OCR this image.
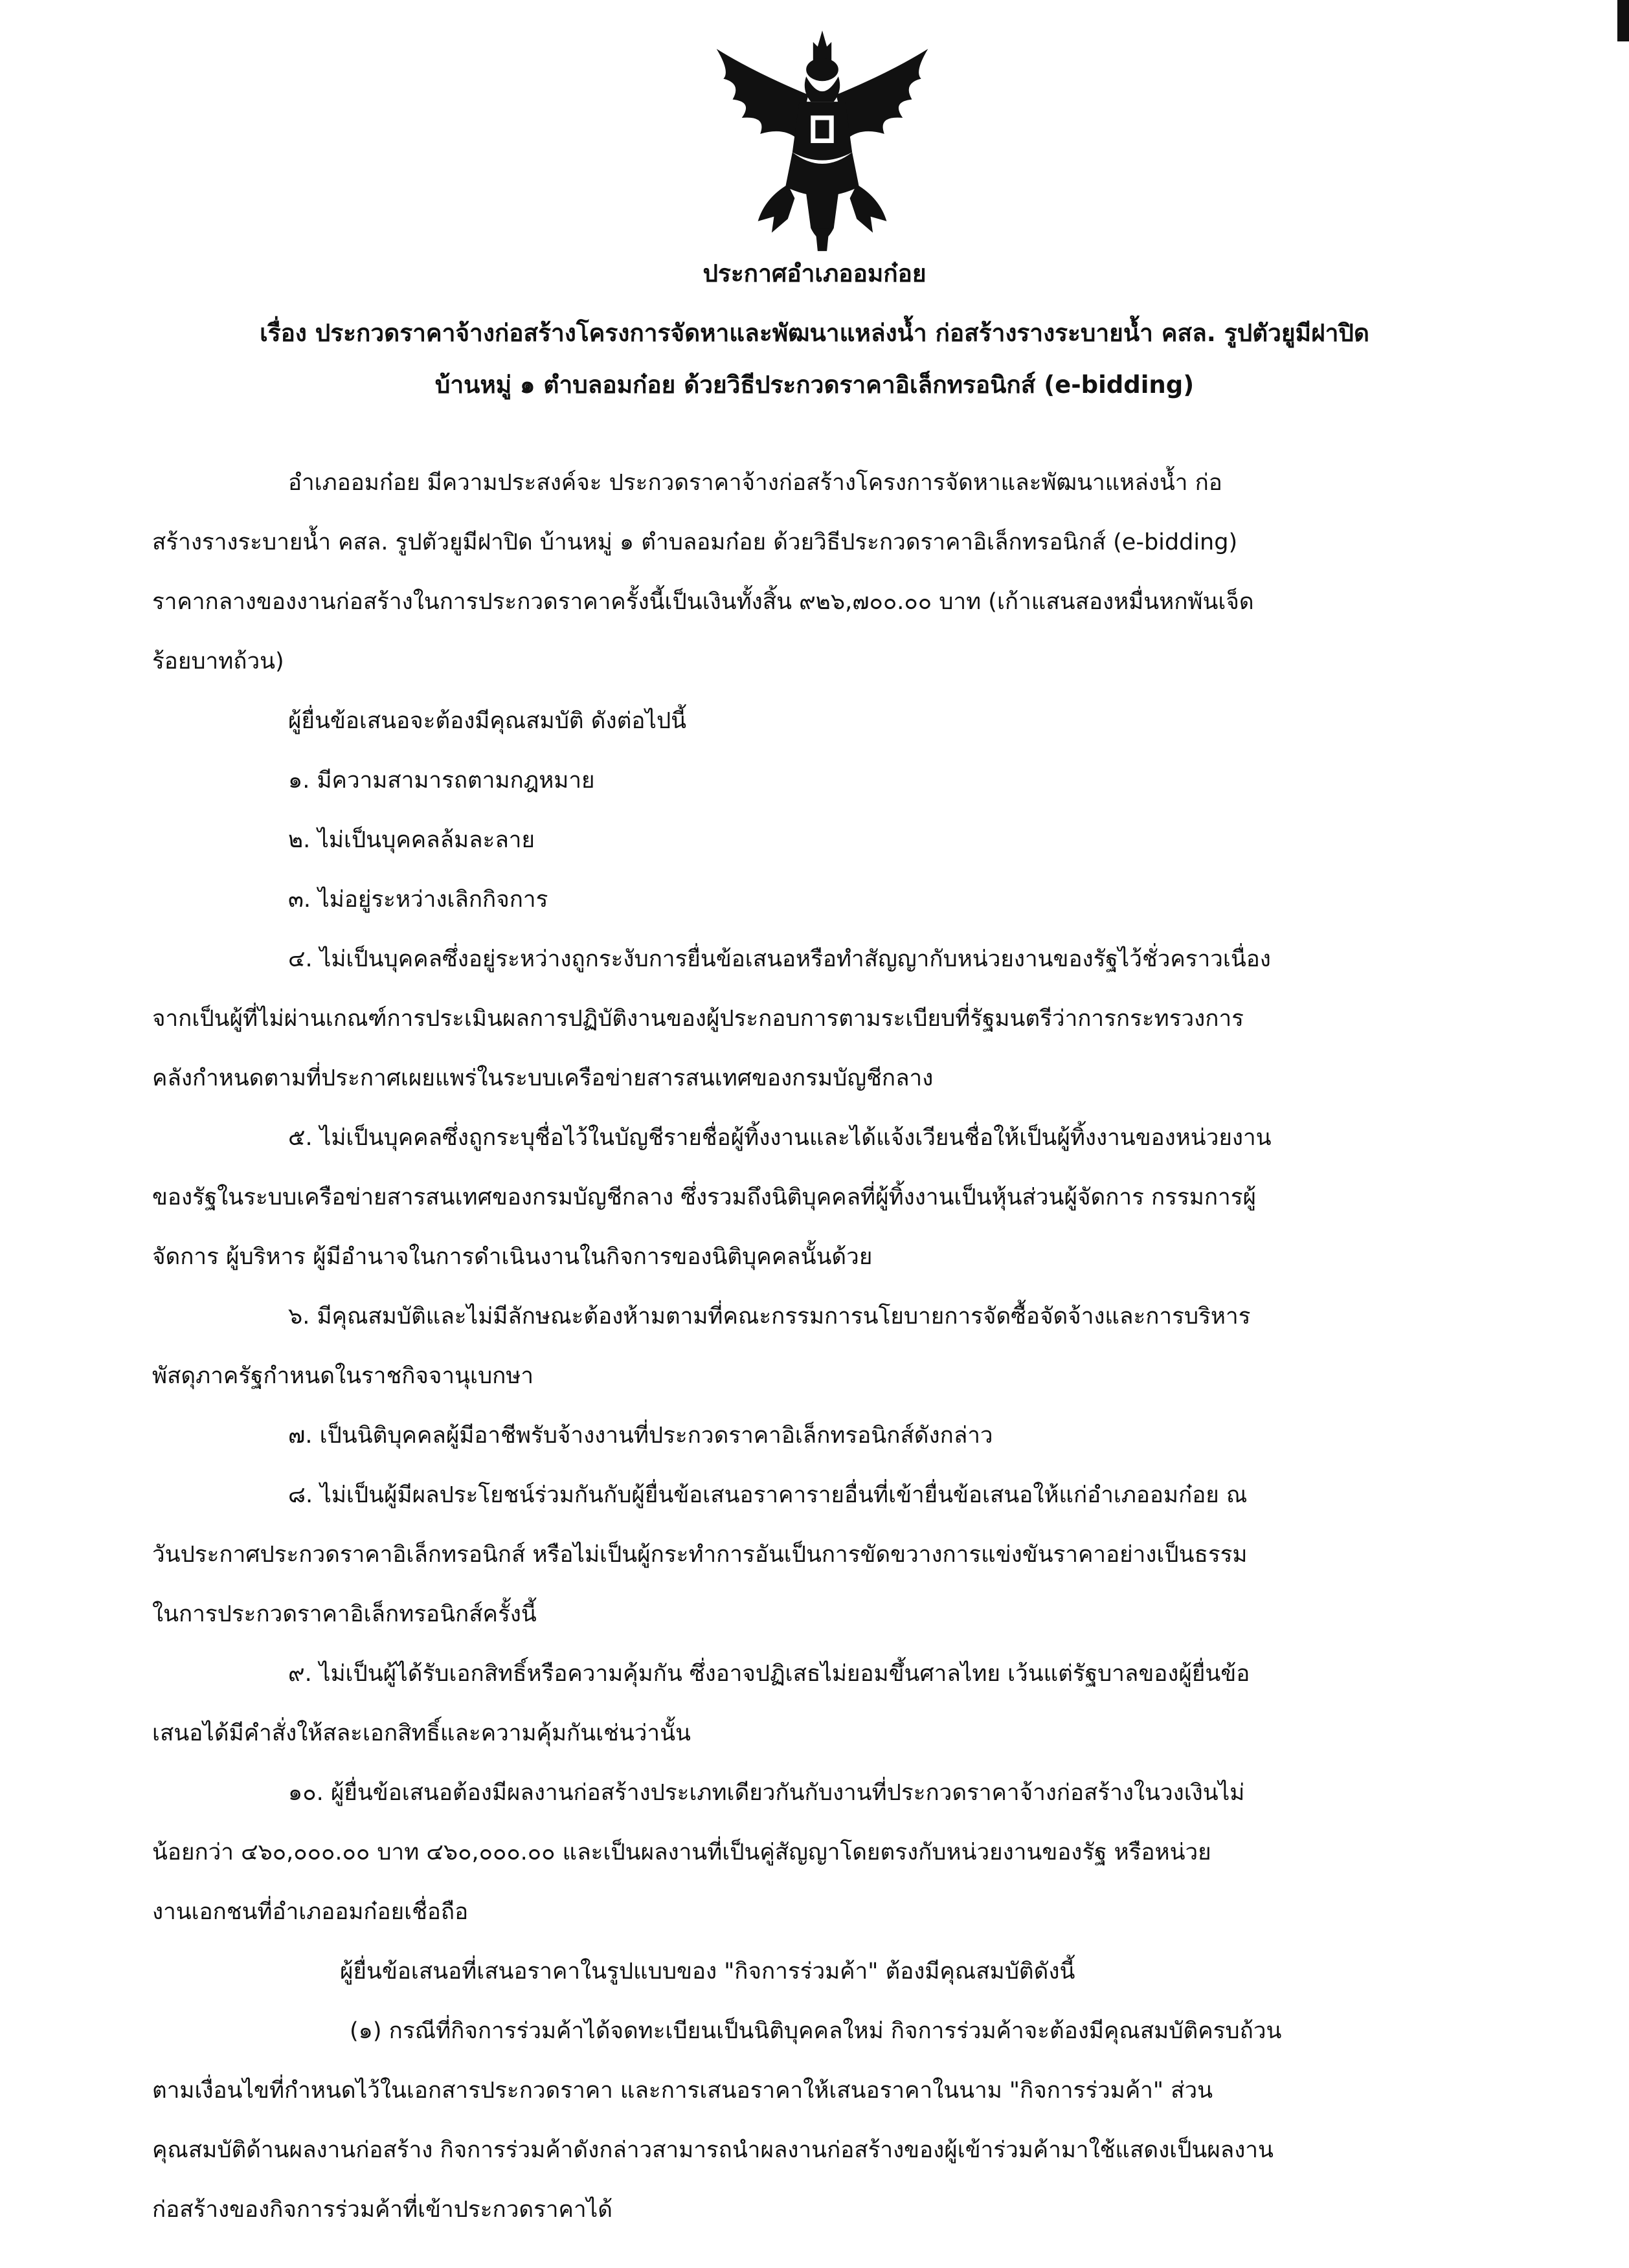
ประกาศอำเภออมก๋อย
เรื่อง ประกวดราคาจ้างก่อสร้างโครงการจัดหาและพัฒนาแหล่งน้ำ ก่อสร้างรางระบายน้ำ คสล. รูปตัวยูมีฝาปิด
บ้านหมู่ ๑ ตำบลอมก๋อย ด้วยวิธีประกวดราคาอิเล็กทรอนิกส์ (e-bidding)

อำเภออมก๋อย มีความประสงค์จะ ประกวดราคาจ้างก่อสร้างโครงการจัดหาและพัฒนาแหล่งน้ำ ก่อ

สร้างรางระบายน้ำ คสล. รูปตัวยูมีฝาปิด บ้านหมู่ ๑ ตำบลอมก๋อย ด้วยวิธีประกวดราคาอิเล็กทรอนิกส์ (e-bidding)

ราคากลางของงานก่อสร้างในการประกวดราคาครั้งนี้เป็นเงินทั้งสิ้น ๙๒๖,๗๐๐.๐๐ บาท (เก้าแสนสองหมื่นหกพันเจ็ด

ร้อยบาทถ้วน)

ผู้ยื่นข้อเสนอจะต้องมีคุณสมบัติ ดังต่อไปนี้

๑. มีความสามารถตามกฎหมาย

๒. ไม่เป็นบุคคลล้มละลาย

๓. ไม่อยู่ระหว่างเลิกกิจการ

๔. ไม่เป็นบุคคลซึ่งอยู่ระหว่างถูกระงับการยื่นข้อเสนอหรือทำสัญญากับหน่วยงานของรัฐไว้ชั่วคราวเนื่อง

จากเป็นผู้ที่ไม่ผ่านเกณฑ์การประเมินผลการปฏิบัติงานของผู้ประกอบการตามระเบียบที่รัฐมนตรีว่าการกระทรวงการ

คลังกำหนดตามที่ประกาศเผยแพร่ในระบบเครือข่ายสารสนเทศของกรมบัญชีกลาง

๕. ไม่เป็นบุคคลซึ่งถูกระบุชื่อไว้ในบัญชีรายชื่อผู้ทิ้งงานและได้แจ้งเวียนชื่อให้เป็นผู้ทิ้งงานของหน่วยงาน

ของรัฐในระบบเครือข่ายสารสนเทศของกรมบัญชีกลาง ซึ่งรวมถึงนิติบุคคลที่ผู้ทิ้งงานเป็นหุ้นส่วนผู้จัดการ กรรมการผู้

จัดการ ผู้บริหาร ผู้มีอำนาจในการดำเนินงานในกิจการของนิติบุคคลนั้นด้วย

๖. มีคุณสมบัติและไม่มีลักษณะต้องห้ามตามที่คณะกรรมการนโยบายการจัดซื้อจัดจ้างและการบริหาร

พัสดุภาครัฐกำหนดในราชกิจจานุเบกษา

๗. เป็นนิติบุคคลผู้มีอาชีพรับจ้างงานที่ประกวดราคาอิเล็กทรอนิกส์ดังกล่าว

๘. ไม่เป็นผู้มีผลประโยชน์ร่วมกันกับผู้ยื่นข้อเสนอราคารายอื่นที่เข้ายื่นข้อเสนอให้แก่อำเภออมก๋อย ณ

วันประกาศประกวดราคาอิเล็กทรอนิกส์ หรือไม่เป็นผู้กระทำการอันเป็นการขัดขวางการแข่งขันราคาอย่างเป็นธรรม

ในการประกวดราคาอิเล็กทรอนิกส์ครั้งนี้

๙. ไม่เป็นผู้ได้รับเอกสิทธิ์หรือความคุ้มกัน ซึ่งอาจปฏิเสธไม่ยอมขึ้นศาลไทย เว้นแต่รัฐบาลของผู้ยื่นข้อ

เสนอได้มีคำสั่งให้สละเอกสิทธิ์และความคุ้มกันเช่นว่านั้น

๑๐. ผู้ยื่นข้อเสนอต้องมีผลงานก่อสร้างประเภทเดียวกันกับงานที่ประกวดราคาจ้างก่อสร้างในวงเงินไม่

น้อยกว่า ๔๖๐,๐๐๐.๐๐ บาท ๔๖๐,๐๐๐.๐๐ และเป็นผลงานที่เป็นคู่สัญญาโดยตรงกับหน่วยงานของรัฐ หรือหน่วย

งานเอกชนที่อำเภออมก๋อยเชื่อถือ

ผู้ยื่นข้อเสนอที่เสนอราคาในรูปแบบของ "กิจการร่วมค้า" ต้องมีคุณสมบัติดังนี้

(๑) กรณีที่กิจการร่วมค้าได้จดทะเบียนเป็นนิติบุคคลใหม่ กิจการร่วมค้าจะต้องมีคุณสมบัติครบถ้วน

ตามเงื่อนไขที่กำหนดไว้ในเอกสารประกวดราคา และการเสนอราคาให้เสนอราคาในนาม "กิจการร่วมค้า" ส่วน

คุณสมบัติด้านผลงานก่อสร้าง กิจการร่วมค้าดังกล่าวสามารถนำผลงานก่อสร้างของผู้เข้าร่วมค้ามาใช้แสดงเป็นผลงาน

ก่อสร้างของกิจการร่วมค้าที่เข้าประกวดราคาได้
